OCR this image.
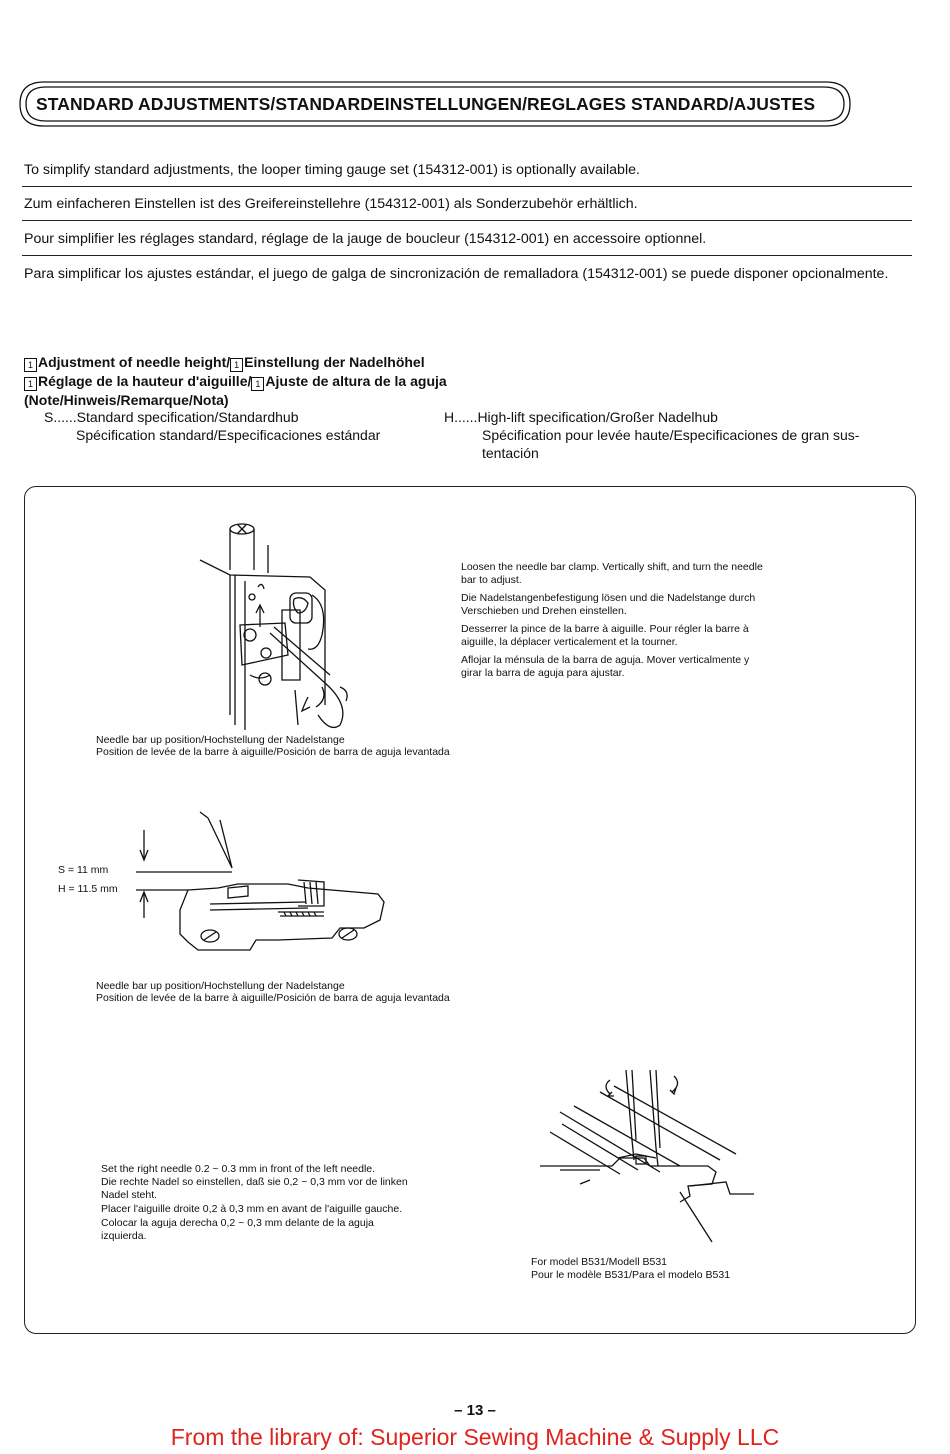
STANDARD ADJUSTMENTS/STANDARDEINSTELLUNGEN/REGLAGES STANDARD/AJUSTES
To simplify standard adjustments, the looper timing gauge set (154312-001) is optionally available.
Zum einfacheren Einstellen ist des Greifereinstellehre (154312-001) als Sonderzubehör erhältlich.
Pour simplifier les réglages standard, réglage de la jauge de boucleur (154312-001) en accessoire optionnel.
Para simplificar los ajustes estándar, el juego de galga de sincronización de remalladora (154312-001) se puede disponer opcionalmente.
1 Adjustment of needle height/ 1 Einstellung der Nadelhöhel
1 Réglage de la hauteur d'aiguille/ 1 Ajuste de altura de la aguja
(Note/Hinweis/Remarque/Nota)
S......Standard specification/Standardhub
Spécification standard/Especificaciones estándar
H......High-lift specification/Großer Nadelhub
Spécification pour levée haute/Especificaciones de gran sus-
tentación
Loosen the needle bar clamp. Vertically shift, and turn the needle
bar to adjust.
Die Nadelstangenbefestigung lösen und die Nadelstange durch
Verschieben und Drehen einstellen.
Desserrer la pince de la barre à aiguille. Pour régler la barre à
aiguille, la déplacer verticalement et la tourner.
Aflojar la ménsula de la barra de aguja. Mover verticalmente y
girar la barra de aguja para ajustar.
Needle bar up position/Hochstellung der Nadelstange
Position de levée de la barre à aiguille/Posición de barra de aguja levantada
S = 11 mm
H = 11.5 mm
Needle bar up position/Hochstellung der Nadelstange
Position de levée de la barre à aiguille/Posición de barra de aguja levantada
Set the right needle 0.2 ~ 0.3 mm in front of the left needle.
Die rechte Nadel so einstellen, daß sie 0,2 ~ 0,3 mm vor de linken
Nadel steht.
Placer l'aiguille droite 0,2 à 0,3 mm en avant de l'aiguille gauche.
Colocar la aguja derecha 0,2 ~ 0,3 mm delante de la aguja
izquierda.
For model B531/Modell B531
Pour le modèle B531/Para el modelo B531
– 13 –
From the library of: Superior Sewing Machine & Supply LLC
